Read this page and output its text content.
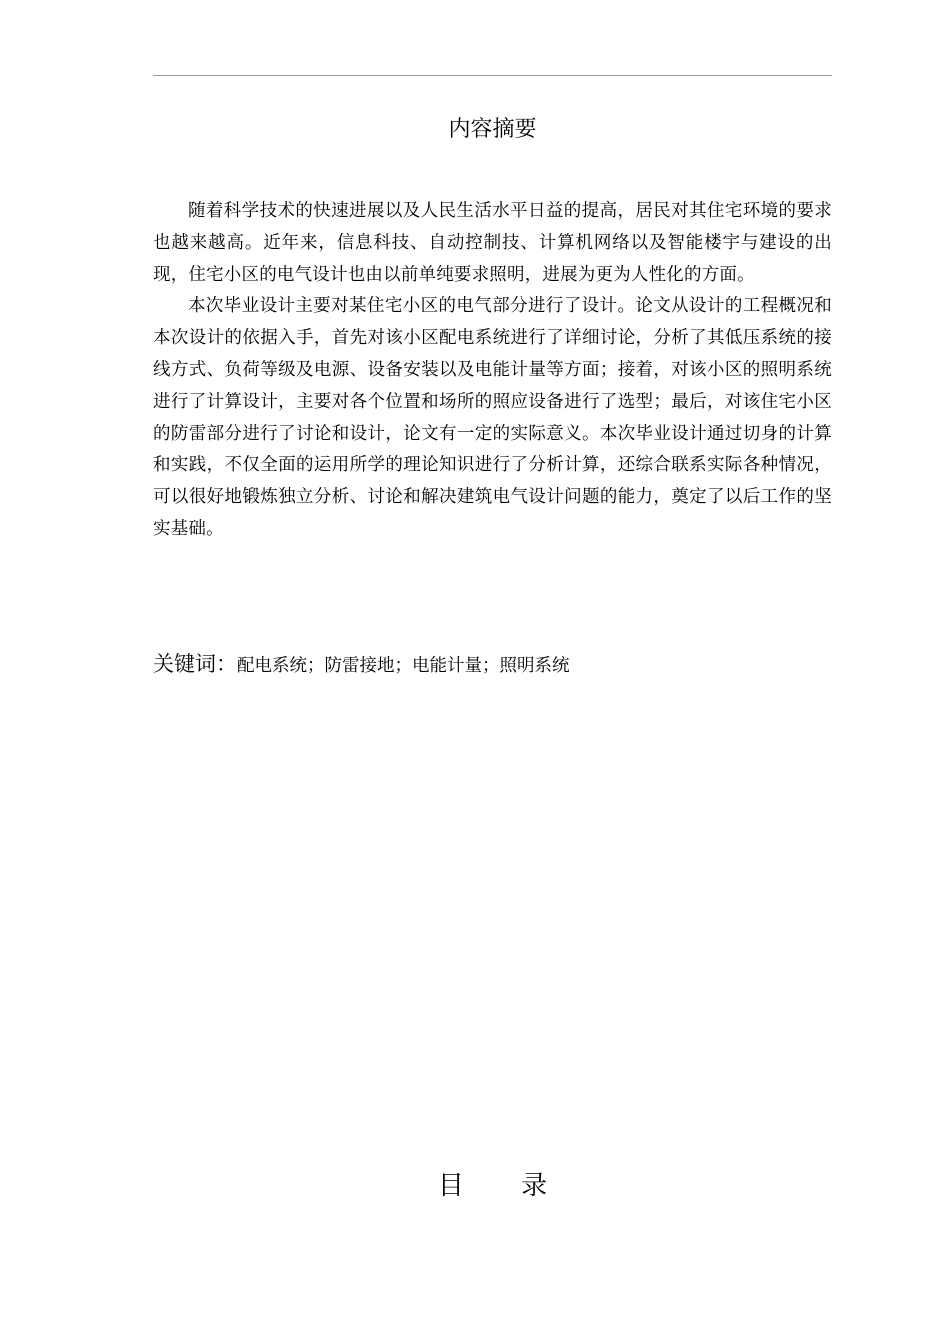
内容摘要

随着科学技术的快速进展以及人民生活水平日益的提高，居民对其住宅环境的要求也越来越高。近年来，信息科技、自动控制技、计算机网络以及智能楼宇与建设的出现，住宅小区的电气设计也由以前单纯要求照明，进展为更为人性化的方面。

本次毕业设计主要对某住宅小区的电气部分进行了设计。论文从设计的工程概况和本次设计的依据入手，首先对该小区配电系统进行了详细讨论，分析了其低压系统的接线方式、负荷等级及电源、设备安装以及电能计量等方面；接着，对该小区的照明系统进行了计算设计，主要对各个位置和场所的照应设备进行了选型；最后，对该住宅小区的防雷部分进行了讨论和设计，论文有一定的实际意义。本次毕业设计通过切身的计算和实践，不仅全面的运用所学的理论知识进行了分析计算，还综合联系实际各种情况，可以很好地锻炼独立分析、讨论和解决建筑电气设计问题的能力，奠定了以后工作的坚实基础。

关键词：配电系统；防雷接地；电能计量；照明系统
目录
